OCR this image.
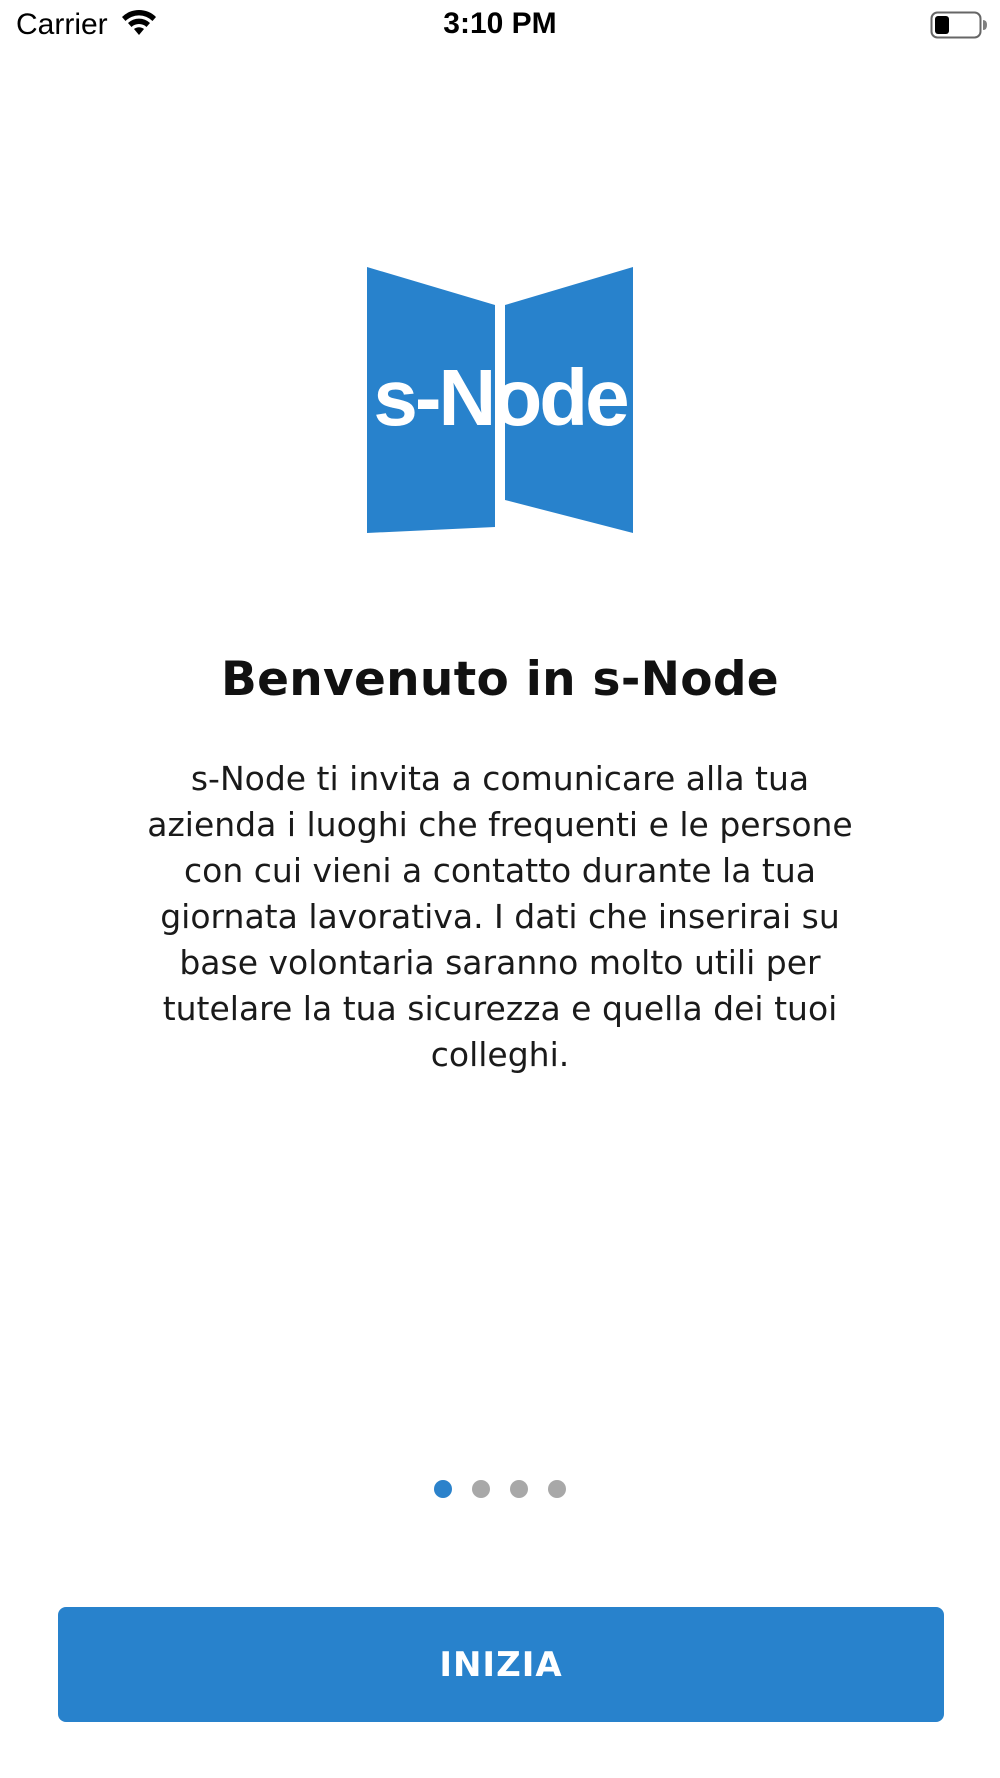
Carrier	3:10 PM
s-Node
Benvenuto in s-Node
s-Node ti invita a comunicare alla tua azienda i luoghi che frequenti e le persone con cui vieni a contatto durante la tua giornata lavorativa. I dati che inserirai su base volontaria saranno molto utili per tutelare la tua sicurezza e quella dei tuoi colleghi.
INIZIA
